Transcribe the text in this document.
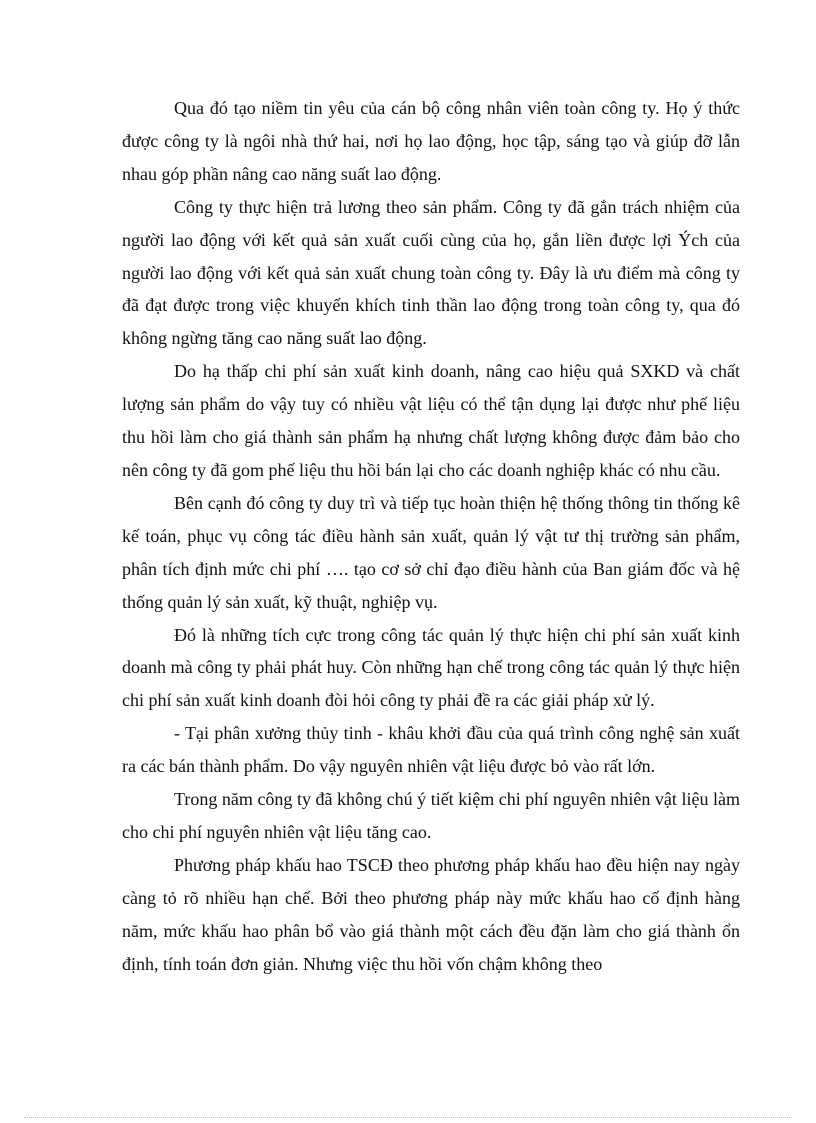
Qua đó tạo niềm tin yêu của cán bộ công nhân viên toàn công ty. Họ ý thức được công ty là ngôi nhà thứ hai, nơi họ lao động, học tập, sáng tạo và giúp đỡ lẫn nhau góp phần nâng cao năng suất lao động.

Công ty thực hiện trả lương theo sản phẩm. Công ty đã gắn trách nhiệm của người lao động với kết quả sản xuất cuối cùng của họ, gắn liền được lợi Ých của người lao động với kết quả sản xuất chung toàn công ty. Đây là ưu điểm mà công ty đã đạt được trong việc khuyến khích tinh thần lao động trong toàn công ty, qua đó không ngừng tăng cao năng suất lao động.

Do hạ thấp chi phí sản xuất kinh doanh, nâng cao hiệu quả SXKD và chất lượng sản phẩm do vậy tuy có nhiều vật liệu có thể tận dụng lại được như phế liệu thu hồi làm cho giá thành sản phẩm hạ nhưng chất lượng không được đảm bảo cho nên công ty đã gom phế liệu thu hồi bán lại cho các doanh nghiệp khác có nhu cầu.

Bên cạnh đó công ty duy trì và tiếp tục hoàn thiện hệ thống thông tin thống kê kế toán, phục vụ công tác điều hành sản xuất, quản lý vật tư thị trường sản phẩm, phân tích định mức chi phí …. tạo cơ sở chỉ đạo điều hành của Ban giám đốc và hệ thống quản lý sản xuất, kỹ thuật, nghiệp vụ.

Đó là những tích cực trong công tác quản lý thực hiện chi phí sản xuất kinh doanh mà công ty phải phát huy. Còn những hạn chế trong công tác quản lý thực hiện chi phí sản xuất kinh doanh đòi hỏi công ty phải đề ra các giải pháp xử lý.

- Tại phân xưởng thủy tinh - khâu khởi đầu của quá trình công nghệ sản xuất ra các bán thành phẩm. Do vậy nguyên nhiên vật liệu được bỏ vào rất lớn.

Trong năm công ty đã không chú ý tiết kiệm chi phí nguyên nhiên vật liệu làm cho chi phí nguyên nhiên vật liệu tăng cao.

Phương pháp khấu hao TSCĐ theo phương pháp khấu hao đều hiện nay ngày càng tỏ rõ nhiều hạn chế. Bởi theo phương pháp này mức khấu hao cố định hàng năm, mức khấu hao phân bổ vào giá thành một cách đều đặn làm cho giá thành ổn định, tính toán đơn giản. Nhưng việc thu hồi vốn chậm không theo
